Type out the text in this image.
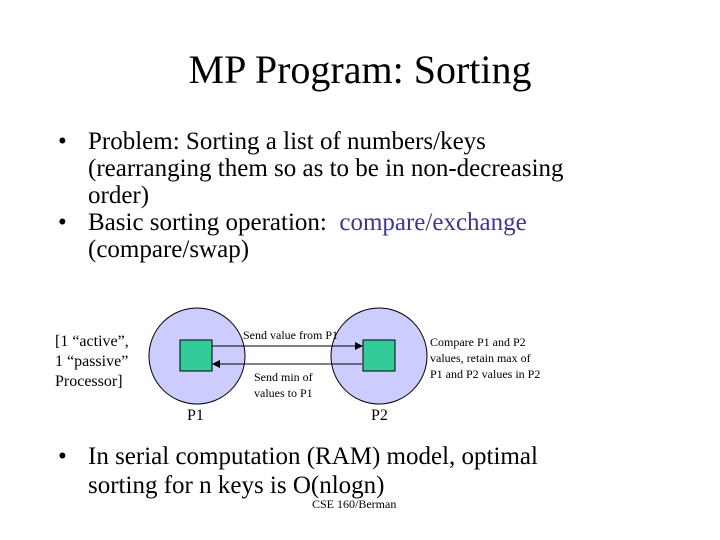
MP Program: Sorting
• Problem: Sorting a list of numbers/keys
(rearranging them so as to be in non-decreasing
order)
• Basic sorting operation:  compare/exchange
(compare/swap)
[1 “active”,
1 “passive”
Processor]
Send value from P1
Send min of
values to P1
Compare P1 and P2
values, retain max of
P1 and P2 values in P2
P1	P2
• In serial computation (RAM) model, optimal
sorting for n keys is O(nlogn)
CSE 160/Berman
